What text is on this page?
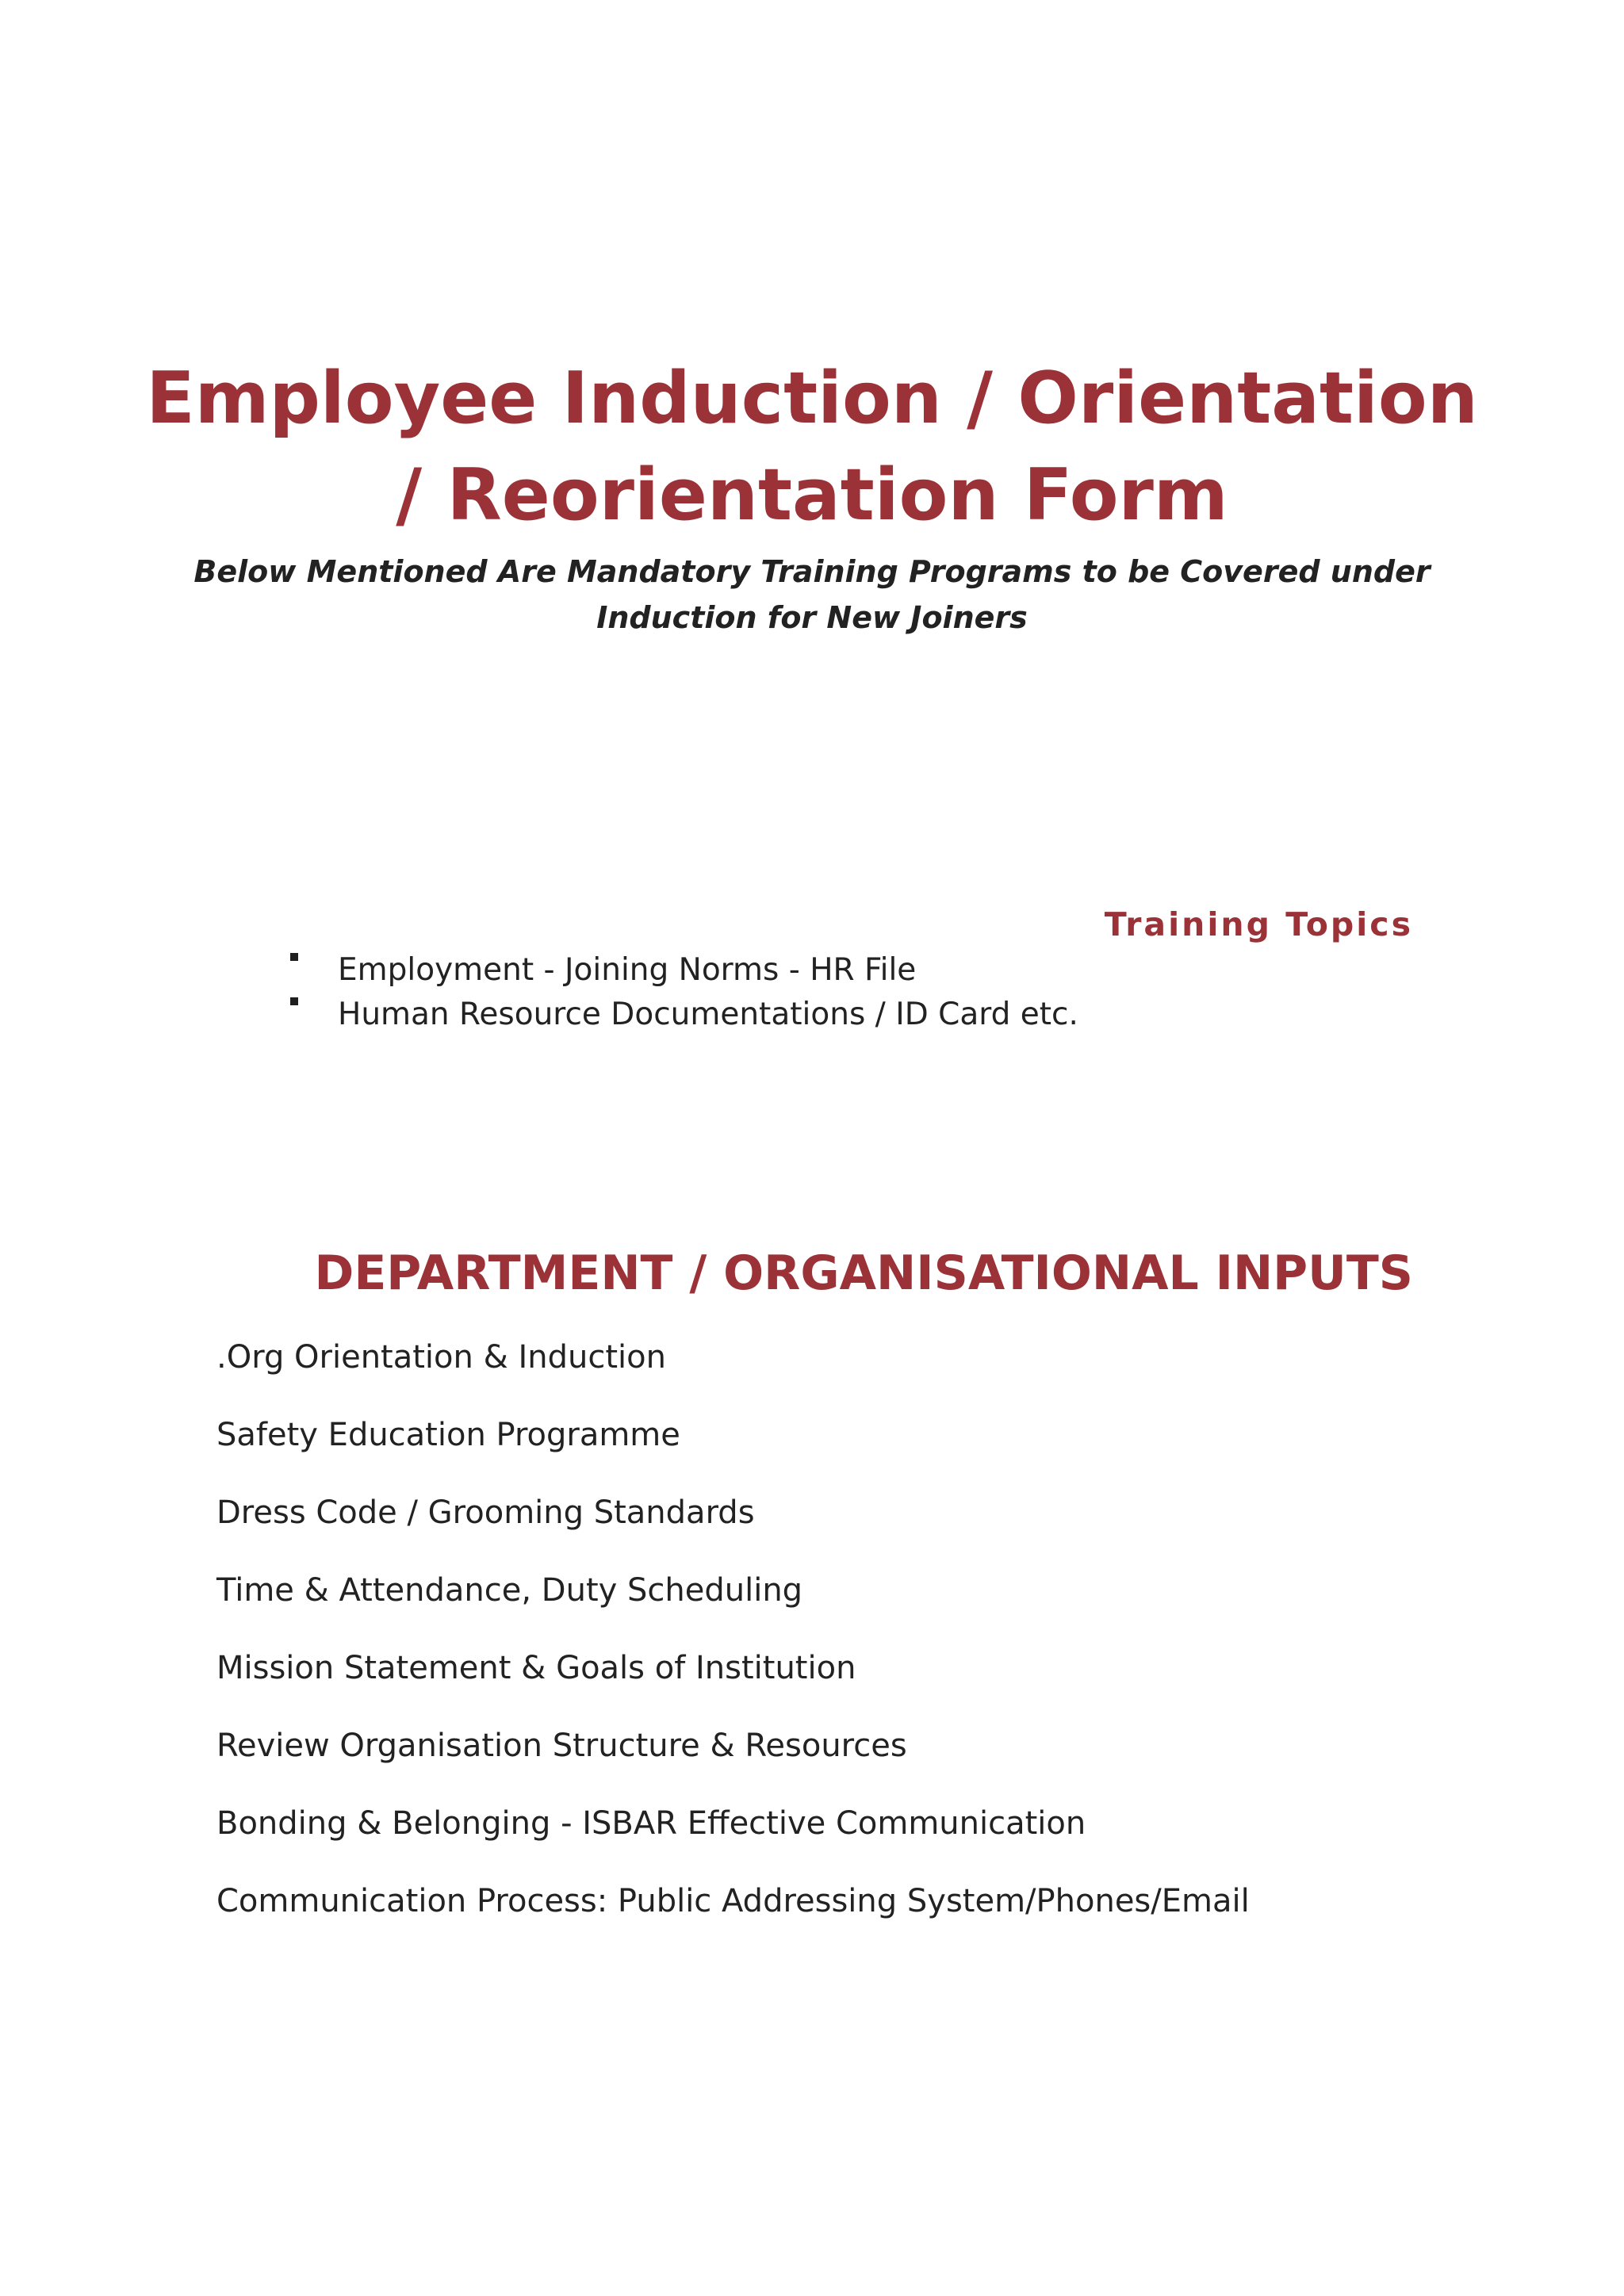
Employee Induction / Orientation
/ Reorientation Form

Below Mentioned Are Mandatory Training Programs to be Covered under
Induction for New Joiners

Training Topics
Employment - Joining Norms - HR File
Human Resource Documentations / ID Card etc.
DEPARTMENT / ORGANISATIONAL INPUTS
.Org Orientation & Induction
Safety Education Programme
Dress Code / Grooming Standards
Time & Attendance, Duty Scheduling
Mission Statement & Goals of Institution
Review Organisation Structure & Resources
Bonding & Belonging - ISBAR Effective Communication
Communication Process: Public Addressing System/Phones/Email
